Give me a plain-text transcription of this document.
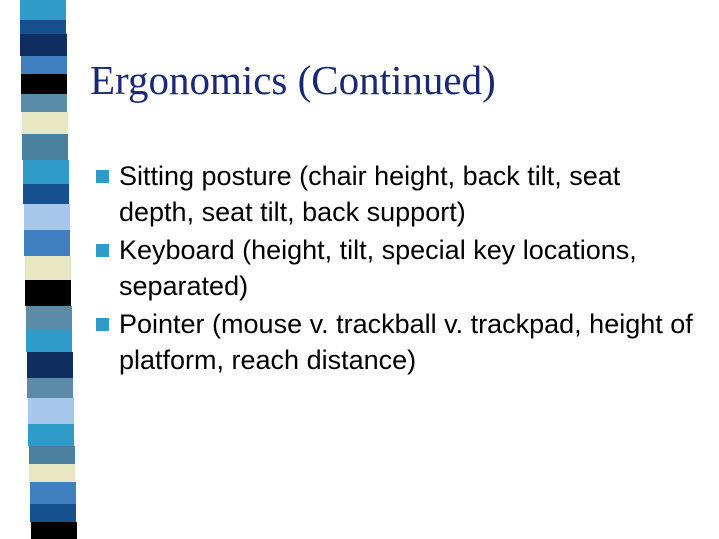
Ergonomics (Continued)
Sitting posture (chair height, back tilt, seat depth, seat tilt, back support)
Keyboard (height, tilt, special key locations, separated)
Pointer (mouse v. trackball v. trackpad, height of platform, reach distance)
